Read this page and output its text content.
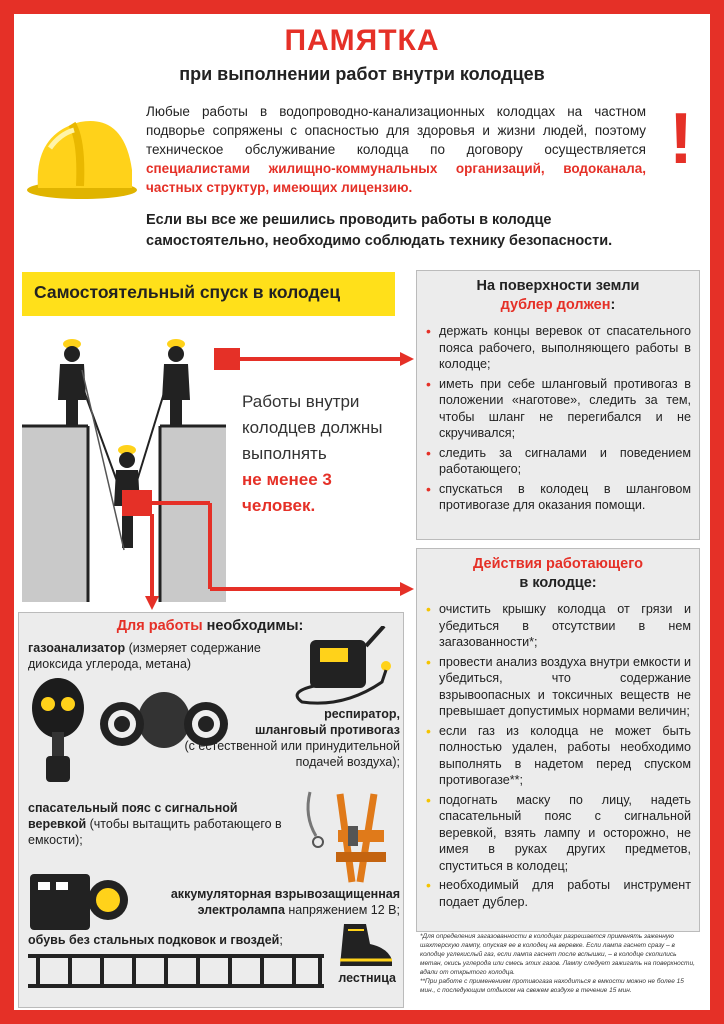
ПАМЯТКА
при выполнении работ внутри колодцев
Любые работы в водопроводно-канализационных колодцах на частном подворье сопряжены с опасностью для здоровья и жизни людей, поэтому техническое обслуживание колодца по договору осуществляется специалистами жилищно-коммунальных организаций, водоканала, частных структур, имеющих лицензию.
Если вы все же решились проводить работы в колодце самостоятельно, необходимо соблюдать технику безопасности.
!
Самостоятельный спуск в колодец
Работы внутри колодцев должны выполнять
не менее 3 человек.
На поверхности земли
дублер должен:
• держать концы веревок от спасательного пояса рабочего, выполняющего работы в колодце;
• иметь при себе шланговый противогаз в положении «наготове», следить за тем, чтобы шланг не перегибался и не скручивался;
• следить за сигналами и поведением работающего;
• спускаться в колодец в шланговом противогазе для оказания помощи.
Действия работающего
в колодце:
• очистить крышку колодца от грязи и убедиться в отсутствии в нем загазованности*;
• провести анализ воздуха внутри емкости и убедиться, что содержание взрывоопасных и токсичных веществ не превышает допустимых нормами величин;
• если газ из колодца не может быть полностью удален, работы необходимо выполнять в надетом перед спуском противогазе**;
• подогнать маску по лицу, надеть спасательный пояс с сигнальной веревкой, взять лампу и осторожно, не имея в руках других предметов, спуститься в колодец;
• необходимый для работы инструмент подает дублер.
*Для определения загазованности в колодцах разрешается применять заженную шахтерскую лампу, опуская ее в колодец на веревке. Если лампа гаснет сразу – в колодце углекислый газ, если лампа гаснет после вспышки, – в колодце скопились метан, окись углерода или смесь этих газов. Лампу следует зажигать на поверхности, вдали от открытого колодца.
**При работе с применением противогаза находиться в емкости можно не более 15 мин., с последующим отдыхом на свежем воздухе в течение 15 мин.
Для работы необходимы:
газоанализатор (измеряет содержание диоксида углерода, метана)
респиратор,
шланговый противогаз
(с естественной или принудительной подачей воздуха);
спасательный пояс с сигнальной веревкой (чтобы вытащить работающего в емкости);
аккумуляторная взрывозащищенная электролампа напряжением 12 В;
обувь без стальных подковок и гвоздей;
лестница
